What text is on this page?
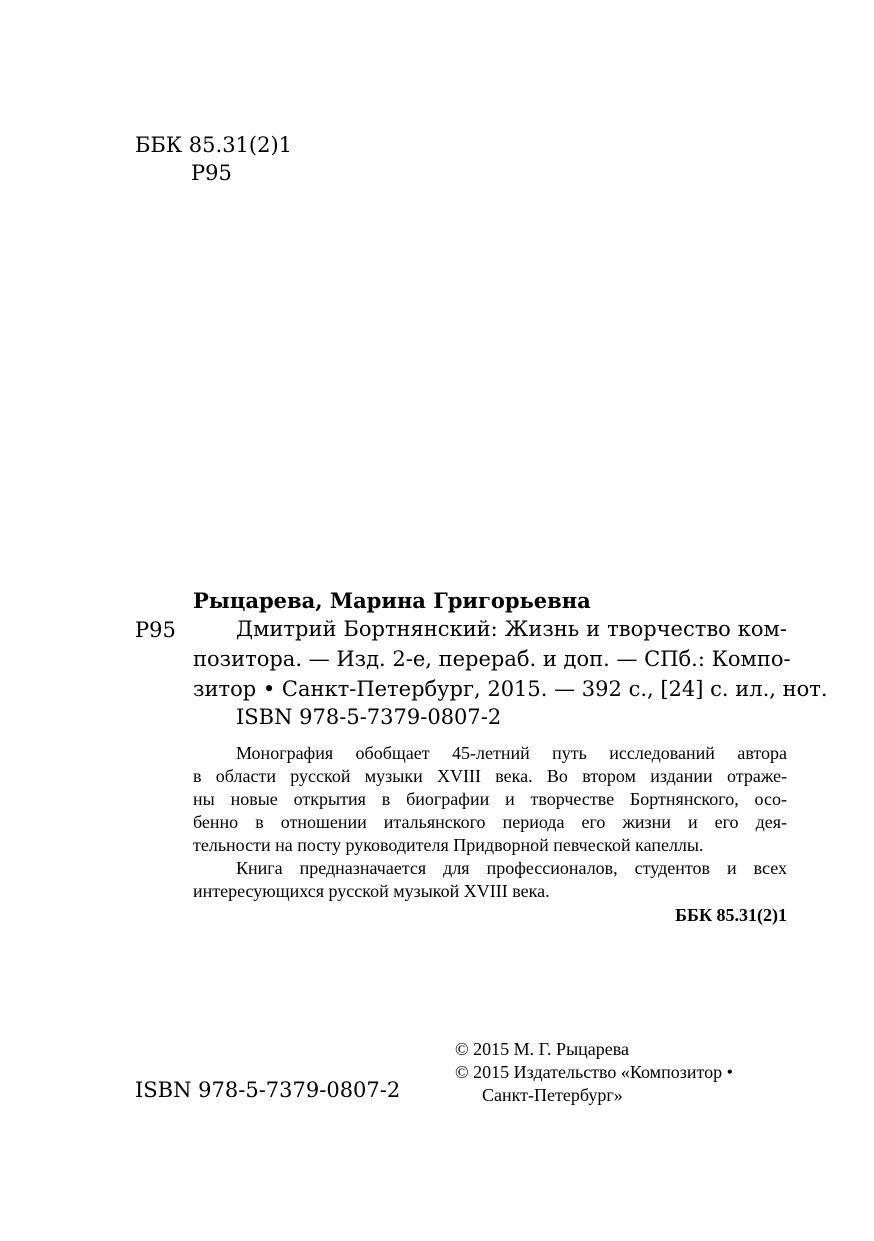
ББК 85.31(2)1
Р95
Рыцарева, Марина Григорьевна
Р95	Дмитрий Бортнянский: Жизнь и творчество ком-
позитора. — Изд. 2-е, перераб. и доп. — СПб.: Компо-
зитор • Санкт-Петербург, 2015. — 392 с., [24] с. ил., нот.
ISBN 978-5-7379-0807-2
Монография обобщает 45-летний путь исследований автора
в области русской музыки XVIII века. Во втором издании отраже-
ны новые открытия в биографии и творчестве Бортнянского, осо-
бенно в отношении итальянского периода его жизни и его дея-
тельности на посту руководителя Придворной певческой капеллы.
Книга предназначается для профессионалов, студентов и всех
интересующихся русской музыкой XVIII века.
ББК 85.31(2)1
© 2015 М. Г. Рыцарева
© 2015 Издательство «Композитор •
Санкт-Петербург»
ISBN 978-5-7379-0807-2
